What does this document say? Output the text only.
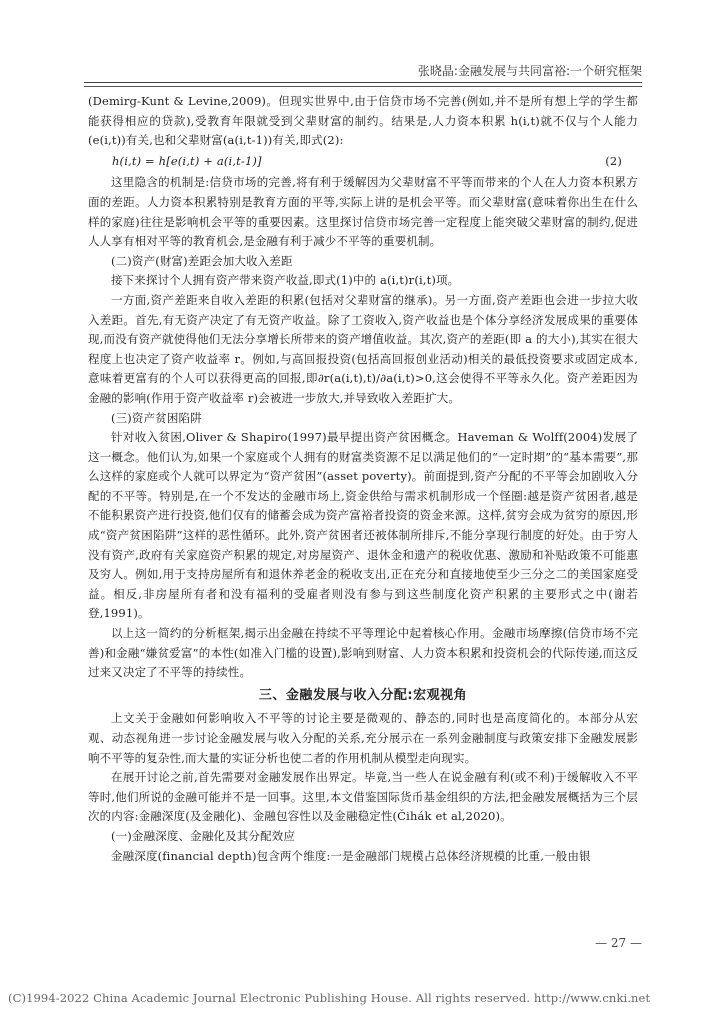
张晓晶:金融发展与共同富裕:一个研究框架

(Demirg-Kunt & Levine,2009)。但现实世界中,由于信贷市场不完善(例如,并不是所有想上学的学生都能获得相应的贷款),受教育年限就受到父辈财富的制约。结果是,人力资本积累 h(i,t)就不仅与个人能力(e(i,t))有关,也和父辈财富(a(i,t-1))有关,即式(2):

h(i,t) = h[e(i,t) + a(i,t-1)]	(2)

这里隐含的机制是:信贷市场的完善,将有利于缓解因为父辈财富不平等而带来的个人在人力资本积累方面的差距。人力资本积累特别是教育方面的平等,实际上讲的是机会平等。而父辈财富(意味着你出生在什么样的家庭)往往是影响机会平等的重要因素。这里探讨信贷市场完善一定程度上能突破父辈财富的制约,促进人人享有相对平等的教育机会,是金融有利于减少不平等的重要机制。

(二)资产(财富)差距会加大收入差距

接下来探讨个人拥有资产带来资产收益,即式(1)中的 a(i,t)r(i,t)项。

一方面,资产差距来自收入差距的积累(包括对父辈财富的继承)。另一方面,资产差距也会进一步拉大收入差距。首先,有无资产决定了有无资产收益。除了工资收入,资产收益也是个体分享经济发展成果的重要体现,而没有资产就使得他们无法分享增长所带来的资产增值收益。其次,资产的差距(即 a 的大小),其实在很大程度上也决定了资产收益率 r。例如,与高回报投资(包括高回报创业活动)相关的最低投资要求或固定成本,意味着更富有的个人可以获得更高的回报,即∂r(a(i,t),t)/∂a(i,t)>0,这会使得不平等永久化。资产差距因为金融的影响(作用于资产收益率 r)会被进一步放大,并导致收入差距扩大。

(三)资产贫困陷阱

针对收入贫困,Oliver & Shapiro(1997)最早提出资产贫困概念。Haveman & Wolff(2004)发展了这一概念。他们认为,如果一个家庭或个人拥有的财富类资源不足以满足他们的“一定时期”的“基本需要”,那么这样的家庭或个人就可以界定为“资产贫困”(asset poverty)。前面提到,资产分配的不平等会加剧收入分配的不平等。特别是,在一个不发达的金融市场上,资金供给与需求机制形成一个怪圈:越是资产贫困者,越是不能积累资产进行投资,他们仅有的储蓄会成为资产富裕者投资的资金来源。这样,贫穷会成为贫穷的原因,形成“资产贫困陷阱”这样的恶性循环。此外,资产贫困者还被体制所排斥,不能分享现行制度的好处。由于穷人没有资产,政府有关家庭资产积累的规定,对房屋资产、退休金和遗产的税收优惠、激励和补贴政策不可能惠及穷人。例如,用于支持房屋所有和退休养老金的税收支出,正在充分和直接地使至少三分之二的美国家庭受益。相反,非房屋所有者和没有福利的受雇者则没有参与到这些制度化资产积累的主要形式之中(谢若登,1991)。

以上这一简约的分析框架,揭示出金融在持续不平等理论中起着核心作用。金融市场摩擦(信贷市场不完善)和金融“嫌贫爱富”的本性(如准入门槛的设置),影响到财富、人力资本积累和投资机会的代际传递,而这反过来又决定了不平等的持续性。

三、金融发展与收入分配:宏观视角

上文关于金融如何影响收入不平等的讨论主要是微观的、静态的,同时也是高度简化的。本部分从宏观、动态视角进一步讨论金融发展与收入分配的关系,充分展示在一系列金融制度与政策安排下金融发展影响不平等的复杂性,而大量的实证分析也使二者的作用机制从模型走向现实。

在展开讨论之前,首先需要对金融发展作出界定。毕竟,当一些人在说金融有利(或不利)于缓解收入不平等时,他们所说的金融可能并不是一回事。这里,本文借鉴国际货币基金组织的方法,把金融发展概括为三个层次的内容:金融深度(及金融化)、金融包容性以及金融稳定性(Čihák et al,2020)。

(一)金融深度、金融化及其分配效应

金融深度(financial depth)包含两个维度:一是金融部门规模占总体经济规模的比重,一般由银

— 27 —
(C)1994-2022 China Academic Journal Electronic Publishing House. All rights reserved. http://www.cnki.net
